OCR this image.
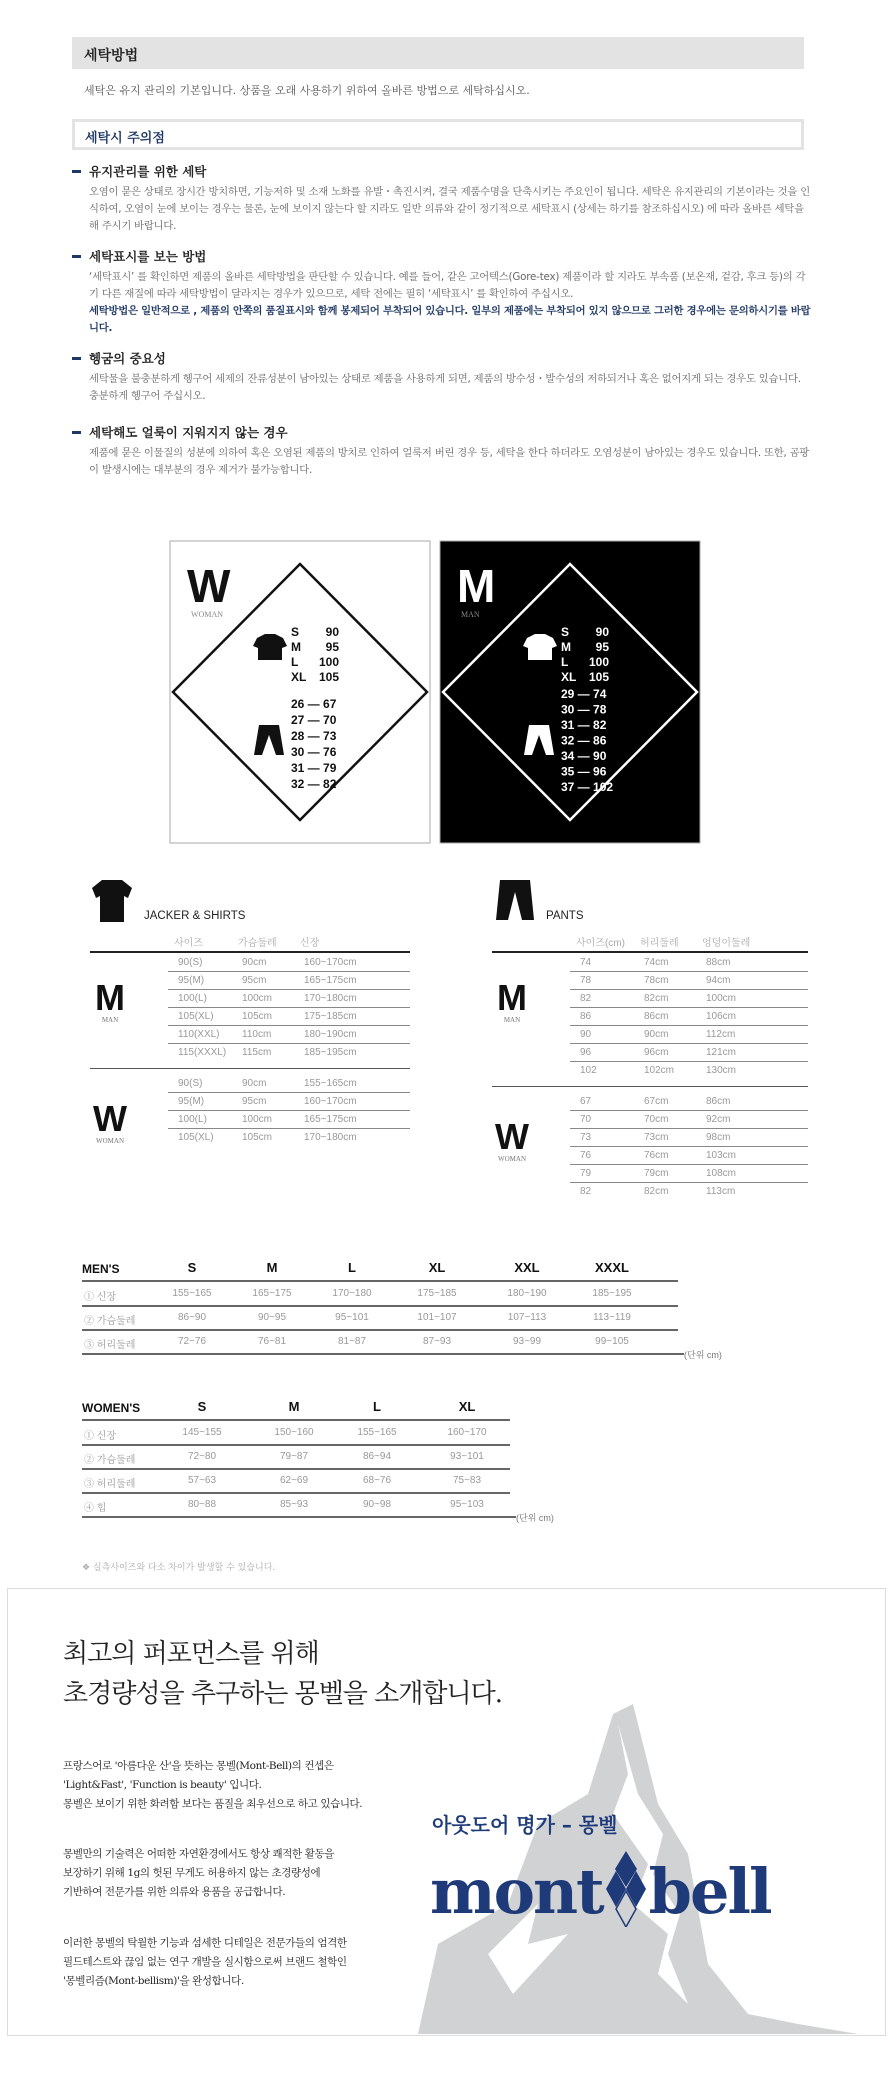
세탁방법
세탁은 유지 관리의 기본입니다. 상품을 오래 사용하기 위하여 올바른 방법으로 세탁하십시오.
세탁시 주의점
유지관리를 위한 세탁

오염이 묻은 상태로 장시간 방치하면, 기능저하 및 소재 노화를 유발・촉진시켜, 결국 제품수명을 단축시키는 주요인이 됩니다. 세탁은 유지관리의 기본이라는 것을 인식하여, 오염이 눈에 보이는 경우는 물론, 눈에 보이지 않는다 할 지라도 일반 의류와 같이 정기적으로 세탁표시 (상세는 하기를 참조하십시오) 에 따라 올바른 세탁을 해 주시기 바랍니다.

세탁표시를 보는 방법

‘세탁표시’ 를 확인하면 제품의 올바른 세탁방법을 판단할 수 있습니다. 예를 들어, 같은 고어텍스(Gore-tex) 제품이라 할 지라도 부속품 (보온재, 겉감, 후크 등)의 각기 다른 재질에 따라 세탁방법이 달라지는 경우가 있으므로, 세탁 전에는 필히 ‘세탁표시’ 를 확인하여 주십시오.

세탁방법은 일반적으로 , 제품의 안쪽의 품질표시와 함께 봉제되어 부착되어 있습니다. 일부의 제품에는 부착되어 있지 않으므로 그러한 경우에는 문의하시기를 바랍니다.

헹굼의 중요성

세탁물을 불충분하게 헹구어 세제의 잔류성분이 남아있는 상태로 제품을 사용하게 되면, 제품의 방수성・발수성의 저하되거나 혹은 없어지게 되는 경우도 있습니다. 충분하게 헹구어 주십시오.

세탁해도 얼룩이 지워지지 않는 경우

제품에 묻은 이물질의 성분에 의하여 혹은 오염된 제품의 방치로 인하여 얼룩저 버린 경우 등, 세탁을 한다 하더라도 오염성분이 남아있는 경우도 있습니다. 또한, 곰팡이 발생시에는 대부분의 경우 제거가 불가능합니다.

W
WOMAN
S 90
M 95
L 100
XL 105
26 — 67
27 — 70
28 — 73
30 — 76
31 — 79
32 — 82
M
MAN
S 90
M 95
L 100
XL 105
29 — 74
30 — 78
31 — 82
32 — 86
34 — 90
35 — 96
37 — 102
JACKER & SHIRTS
사이즈	가슴둘레 신장
M
MAN
90(S)	90cm	160~170cm
95(M)	95cm	165~175cm
100(L)	100cm	170~180cm
105(XL)	105cm	175~185cm
110(XXL) 110cm	180~190cm
115(XXXL) 115cm	185~195cm
W
WOMAN
90(S)	90cm	155~165cm
95(M)	95cm	160~170cm
100(L)	100cm	165~175cm
105(XL)	105cm	170~180cm
PANTS
사이즈(cm) 허리둘레 엉덩이둘레
M
MAN
74	74cm	88cm
78	78cm	94cm
82	82cm	100cm
86	86cm	106cm
90	90cm	112cm
96	96cm	121cm
102	102cm	130cm
W
WOMAN
67	67cm	86cm
70	70cm	92cm
73	73cm	98cm
76	76cm	103cm
79	79cm	108cm
82	82cm	113cm
MEN'S	S	M	L	XL	XXL	XXXL
① 신장	155~165	165~175	170~180	175~185	180~190	185~195
② 가슴둘레	86~90	90~95	95~101	101~107	107~113	113~119
③ 허리둘레	72~76	76~81	81~87	87~93	93~99	99~105
(단위 cm)
WOMEN'S	S	M	L	XL
① 신장	145~155	150~160	155~165	160~170
② 가슴둘레	72~80	79~87	86~94	93~101
③ 허리둘레	57~63	62~69	68~76	75~83
④ 힙	80~88	85~93	90~98	95~103
(단위 cm)
❖ 실측사이즈와 다소 차이가 발생할 수 있습니다.
최고의 퍼포먼스를 위해
초경량성을 추구하는 몽벨을 소개합니다.
프랑스어로 '아름다운 산'을 뜻하는 몽벨(Mont-Bell)의 컨셉은
'Light&Fast', 'Function is beauty' 입니다.
몽벨은 보이기 위한 화려함 보다는 품질을 최우선으로 하고 있습니다.
몽벨만의 기술력은 어떠한 자연환경에서도 항상 쾌적한 활동을
보장하기 위해 1g의 헛된 무게도 허용하지 않는 초경량성에
기반하여 전문가를 위한 의류와 용품을 공급합니다.
이러한 몽벨의 탁월한 기능과 섬세한 디테일은 전문가들의 엄격한
필드테스트와 끊임 없는 연구 개발을 실시함으로써 브랜드 철학인
'몽벨리즘(Mont-bellism)'을 완성합니다.
아웃도어 명가 – 몽벨
mont bell
